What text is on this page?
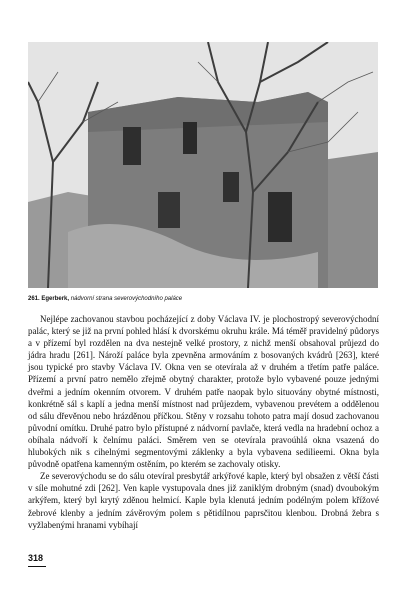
261. Egerberk, nádvorní strana severovýchodního paláce

Nejlépe zachovanou stavbou pocházející z doby Václava IV. je plochostropý severovýchodní palác, který se již na první pohled hlásí k dvorskému okruhu krále. Má téměř pravidelný půdorys a v přízemí byl rozdělen na dva nestejně velké prostory, z nichž menší obsahoval průjezd do jádra hradu [261]. Nároží paláce byla zpevněna armováním z bosovaných kvádrů [263], které jsou typické pro stavby Václava IV. Okna ven se otevírala až v druhém a třetím patře paláce. Přízemí a první patro nemělo zřejmě obytný charakter, protože bylo vybavené pouze jednými dveřmi a jedním okenním otvorem. V druhém patře naopak bylo situovány obytné místnosti, konkrétně sál s kaplí a jedna menší místnost nad průjezdem, vybavenou prevétem a oddělenou od sálu dřevěnou nebo hrázděnou příčkou. Stěny v rozsahu tohoto patra mají dosud zachovanou původní omítku. Druhé patro bylo přístupné z nádvorní pavlače, která vedla na hradební ochoz a obíhala nádvoří k čelnímu paláci. Směrem ven se otevírala pravoúhlá okna vsazená do hlubokých nik s cihelnými segmentovými záklenky a byla vybavena sedilieemi. Okna byla původně opatřena kamenným ostěním, po kterém se zachovaly otisky.

Ze severovýchodu se do sálu otevíral presbytář arkýřové kaple, který byl obsažen z větší části v síle mohutné zdi [262]. Ven kaple vystupovala dnes již zaniklým drobným (snad) dvoubokým arkýřem, který byl krytý zděnou helmicí. Kaple byla klenutá jedním podélným polem křížové žebrové klenby a jedním závěrovým polem s pětidílnou paprsčitou klenbou. Drobná žebra s vyžlabenými hranami vybíhají

318
